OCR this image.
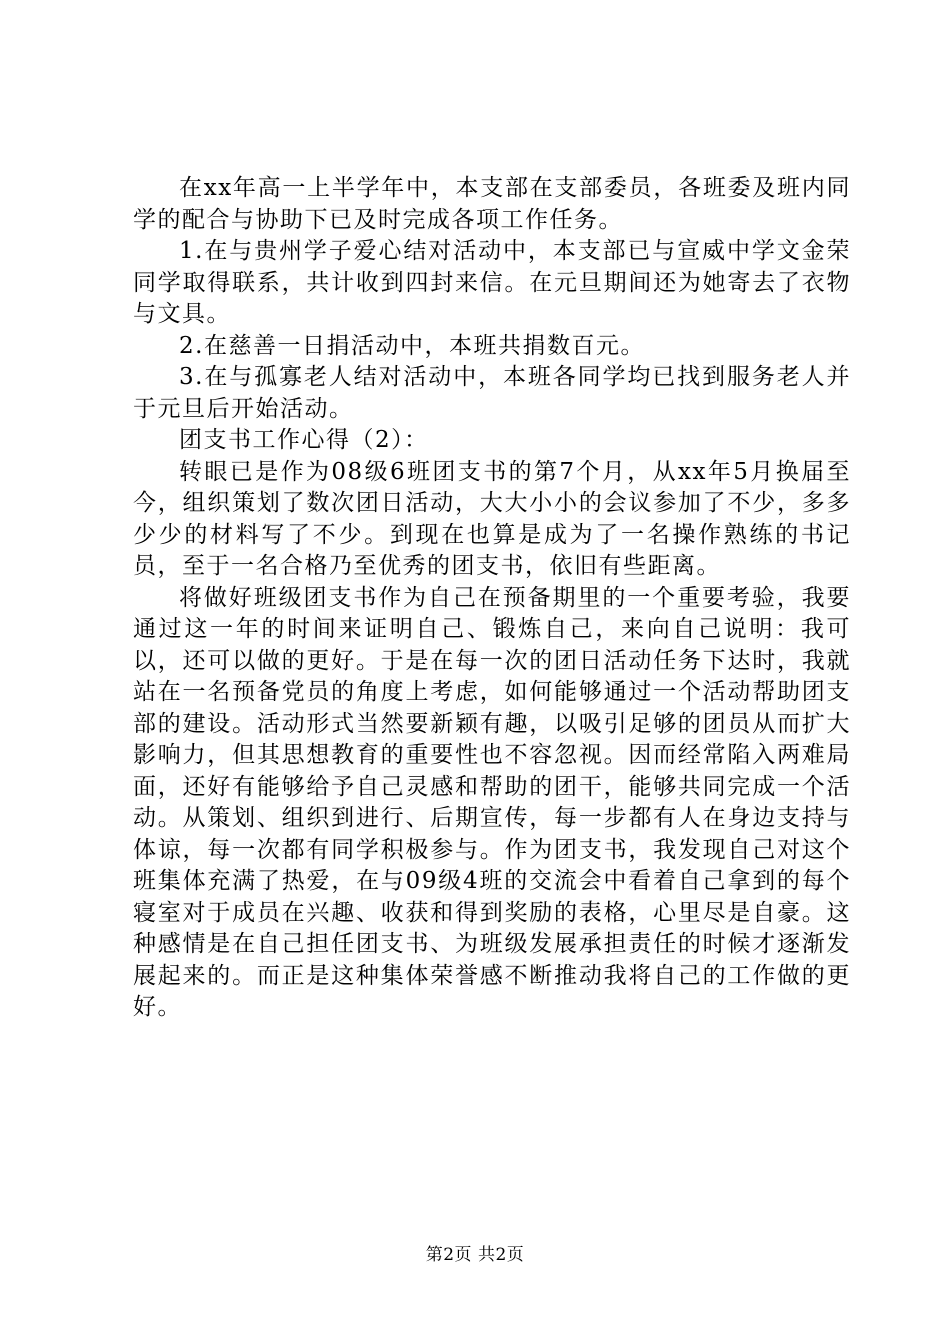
在xx年高一上半学年中，本支部在支部委员，各班委及班内同学的配合与协助下已及时完成各项工作任务。

1.在与贵州学子爱心结对活动中，本支部已与宣威中学文金荣同学取得联系，共计收到四封来信。在元旦期间还为她寄去了衣物与文具。

2.在慈善一日捐活动中，本班共捐数百元。

3.在与孤寡老人结对活动中，本班各同学均已找到服务老人并于元旦后开始活动。

团支书工作心得（2）：

转眼已是作为08级6班团支书的第7个月，从xx年5月换届至今，组织策划了数次团日活动，大大小小的会议参加了不少，多多少少的材料写了不少。到现在也算是成为了一名操作熟练的书记员，至于一名合格乃至优秀的团支书，依旧有些距离。

将做好班级团支书作为自己在预备期里的一个重要考验，我要通过这一年的时间来证明自己、锻炼自己，来向自己说明：我可以，还可以做的更好。于是在每一次的团日活动任务下达时，我就站在一名预备党员的角度上考虑，如何能够通过一个活动帮助团支部的建设。活动形式当然要新颖有趣，以吸引足够的团员从而扩大影响力，但其思想教育的重要性也不容忽视。因而经常陷入两难局面，还好有能够给予自己灵感和帮助的团干，能够共同完成一个活动。从策划、组织到进行、后期宣传，每一步都有人在身边支持与体谅，每一次都有同学积极参与。作为团支书，我发现自己对这个班集体充满了热爱，在与09级4班的交流会中看着自己拿到的每个寝室对于成员在兴趣、收获和得到奖励的表格，心里尽是自豪。这种感情是在自己担任团支书、为班级发展承担责任的时候才逐渐发展起来的。而正是这种集体荣誉感不断推动我将自己的工作做的更好。

第2页 共2页
